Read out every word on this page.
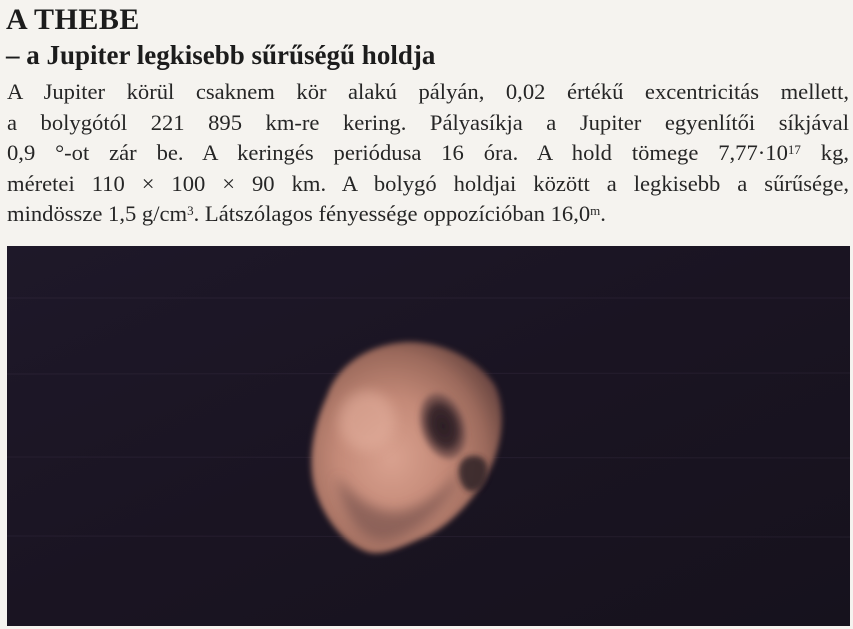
A THEBE
– a Jupiter legkisebb sűrűségű holdja
A Jupiter körül csaknem kör alakú pályán, 0,02 értékű excentricitás mellett,
a bolygótól 221 895 km-re kering. Pályasíkja a Jupiter egyenlítői síkjával
0,9 °-ot zár be. A keringés periódusa 16 óra. A hold tömege $7,77\cdot 10^{17}$ kg,
méretei 110 × 100 × 90 km. A bolygó holdjai között a legkisebb a sűrűsége,
mindössze 1,5 $g/cm^3$. Látszólagos fényessége oppozícióban 16,0$^m$.
